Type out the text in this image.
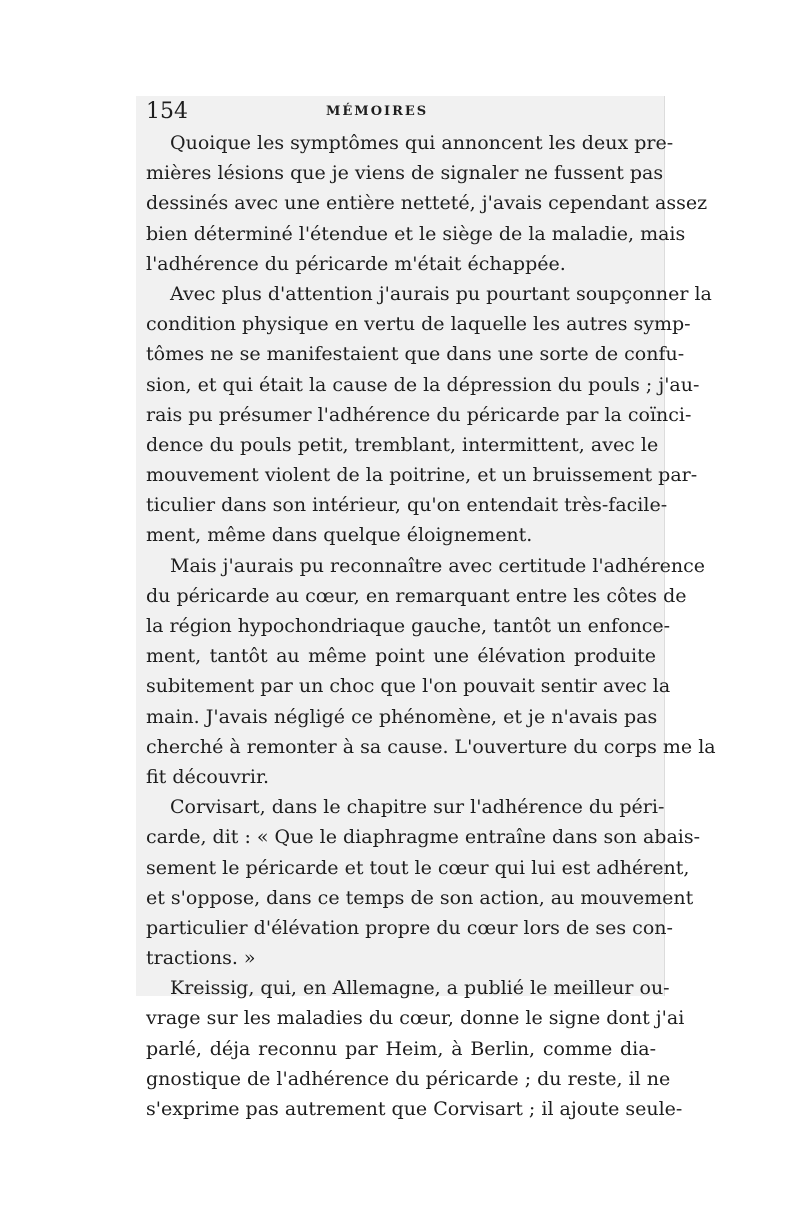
154	MÉMOIRES
Quoique les symptômes qui annoncent les deux pre-
mières lésions que je viens de signaler ne fussent pas
dessinés avec une entière netteté, j'avais cependant assez
bien déterminé l'étendue et le siège de la maladie, mais
l'adhérence du péricarde m'était échappée.
Avec plus d'attention j'aurais pu pourtant soupçonner la
condition physique en vertu de laquelle les autres symp-
tômes ne se manifestaient que dans une sorte de confu-
sion, et qui était la cause de la dépression du pouls ; j'au-
rais pu présumer l'adhérence du péricarde par la coïnci-
dence du pouls petit, tremblant, intermittent, avec le
mouvement violent de la poitrine, et un bruissement par-
ticulier dans son intérieur, qu'on entendait très-facile-
ment, même dans quelque éloignement.
Mais j'aurais pu reconnaître avec certitude l'adhérence
du péricarde au cœur, en remarquant entre les côtes de
la région hypochondriaque gauche, tantôt un enfonce-
ment, tantôt au même point une élévation produite
subitement par un choc que l'on pouvait sentir avec la
main. J'avais négligé ce phénomène, et je n'avais pas
cherché à remonter à sa cause. L'ouverture du corps me la
fit découvrir.
Corvisart, dans le chapitre sur l'adhérence du péri-
carde, dit : « Que le diaphragme entraîne dans son abais-
sement le péricarde et tout le cœur qui lui est adhérent,
et s'oppose, dans ce temps de son action, au mouvement
particulier d'élévation propre du cœur lors de ses con-
tractions. »
Kreissig, qui, en Allemagne, a publié le meilleur ou-
vrage sur les maladies du cœur, donne le signe dont j'ai
parlé, déja reconnu par Heim, à Berlin, comme dia-
gnostique de l'adhérence du péricarde ; du reste, il ne
s'exprime pas autrement que Corvisart ; il ajoute seule-
